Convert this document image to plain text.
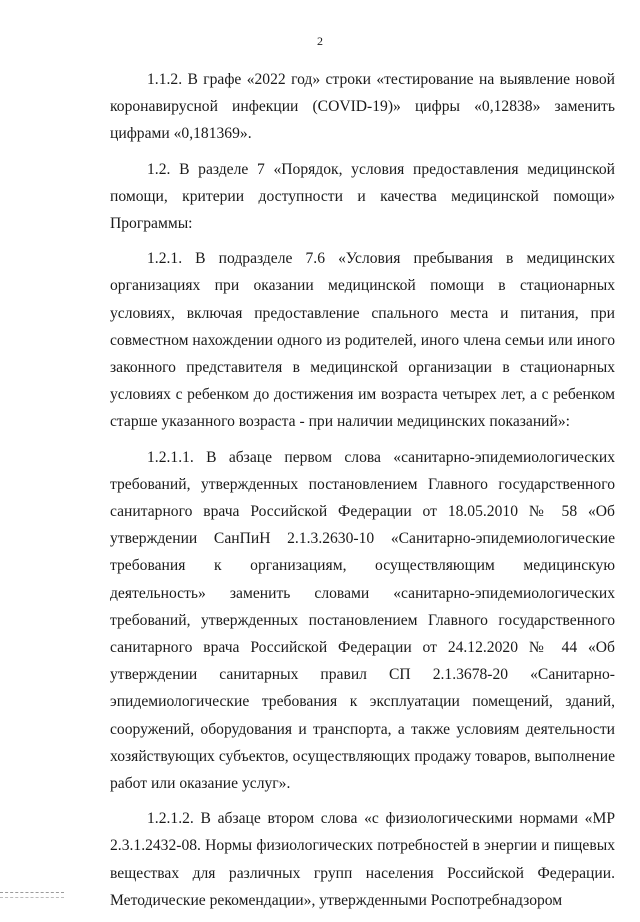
2

1.1.2. В графе «2022 год» строки «тестирование на выявление новой коронавирусной инфекции (COVID-19)» цифры «0,12838» заменить цифрами «0,181369».

1.2. В разделе 7 «Порядок, условия предоставления медицинской помощи, критерии доступности и качества медицинской помощи» Программы:

1.2.1. В подразделе 7.6 «Условия пребывания в медицинских организациях при оказании медицинской помощи в стационарных условиях, включая предоставление спального места и питания, при совместном нахождении одного из родителей, иного члена семьи или иного законного представителя в медицинской организации в стационарных условиях с ребенком до достижения им возраста четырех лет, а с ребенком старше указанного возраста - при наличии медицинских показаний»:

1.2.1.1. В абзаце первом слова «санитарно-эпидемиологических требований, утвержденных постановлением Главного государственного санитарного врача Российской Федерации от 18.05.2010 № 58 «Об утверждении СанПиН 2.1.3.2630-10 «Санитарно-эпидемиологические требования к организациям, осуществляющим медицинскую деятельность» заменить словами «санитарно-эпидемиологических требований, утвержденных постановлением Главного государственного санитарного врача Российской Федерации от 24.12.2020 № 44 «Об утверждении санитарных правил СП 2.1.3678-20 «Санитарно-эпидемиологические требования к эксплуатации помещений, зданий, сооружений, оборудования и транспорта, а также условиям деятельности хозяйствующих субъектов, осуществляющих продажу товаров, выполнение работ или оказание услуг».

1.2.1.2. В абзаце втором слова «с физиологическими нормами «МР 2.3.1.2432-08. Нормы физиологических потребностей в энергии и пищевых веществах для различных групп населения Российской Федерации. Методические рекомендации», утвержденными Роспотребнадзором
